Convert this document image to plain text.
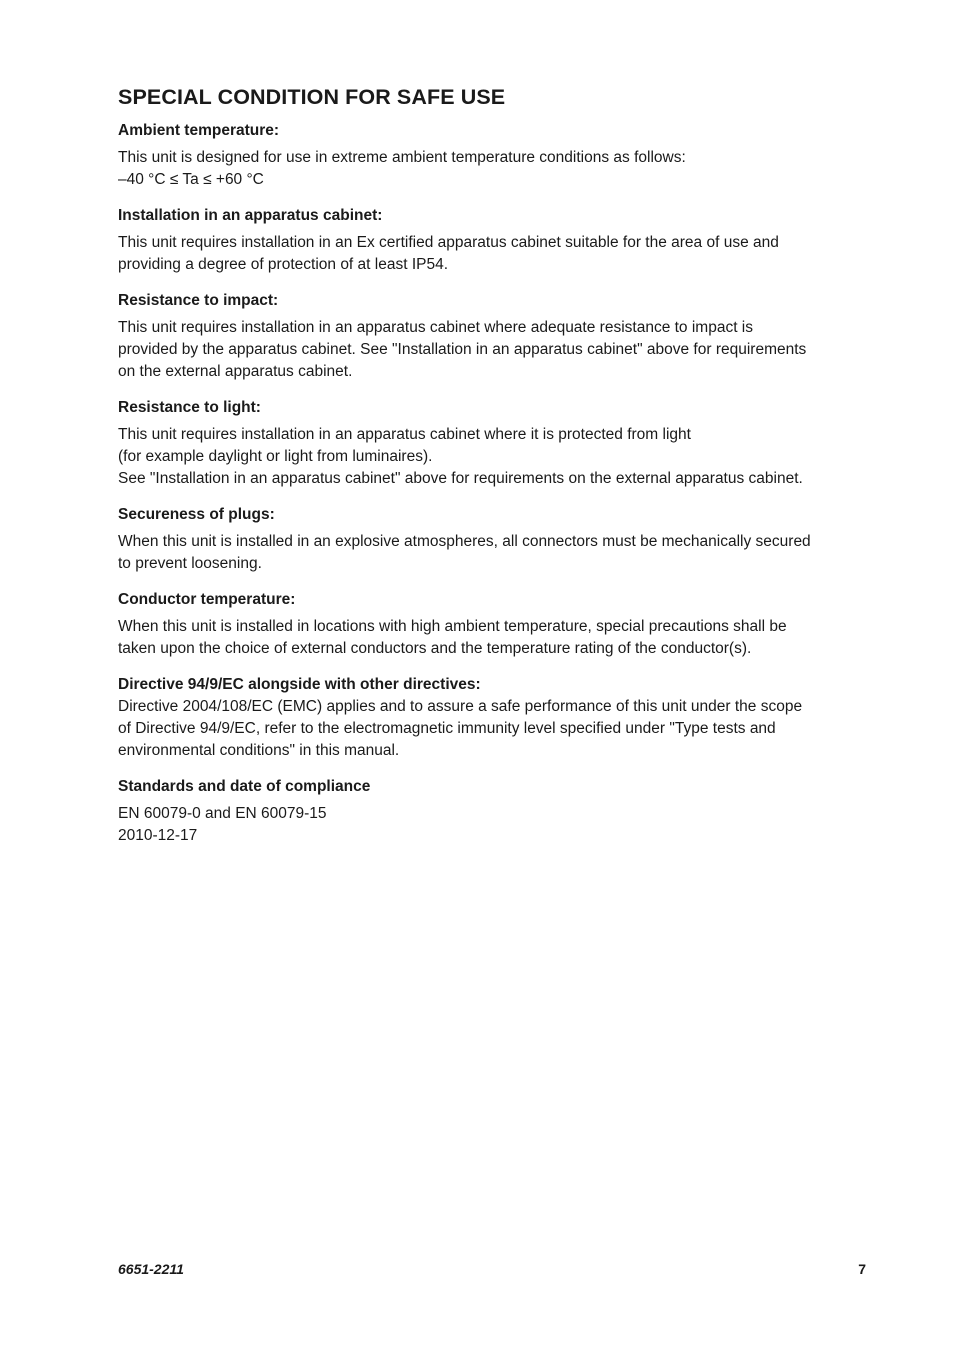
SPECIAL CONDITION FOR SAFE USE
Ambient temperature:
This unit is designed for use in extreme ambient temperature conditions as follows:
–40 °C ≤ Ta ≤ +60 °C
Installation in an apparatus cabinet:
This unit requires installation in an Ex certified apparatus cabinet suitable for the area of use and
providing a degree of protection of at least IP54.
Resistance to impact:
This unit requires installation in an apparatus cabinet where adequate resistance to impact is
provided by the apparatus cabinet. See "Installation in an apparatus cabinet" above for requirements
on the external apparatus cabinet.
Resistance to light:
This unit requires installation in an apparatus cabinet where it is protected from light
(for example daylight or light from luminaires).
See "Installation in an apparatus cabinet" above for requirements on the external apparatus cabinet.
Secureness of plugs:
When this unit is installed in an explosive atmospheres, all connectors must be mechanically secured
to prevent loosening.
Conductor temperature:
When this unit is installed in locations with high ambient temperature, special precautions shall be
taken upon the choice of external conductors and the temperature rating of the conductor(s).
Directive 94/9/EC alongside with other directives:
Directive 2004/108/EC (EMC) applies and to assure a safe performance of this unit under the scope
of Directive 94/9/EC, refer to the electromagnetic immunity level specified under "Type tests and
environmental conditions" in this manual.
Standards and date of compliance
EN 60079-0 and EN 60079-15
2010-12-17
6651-2211	7
